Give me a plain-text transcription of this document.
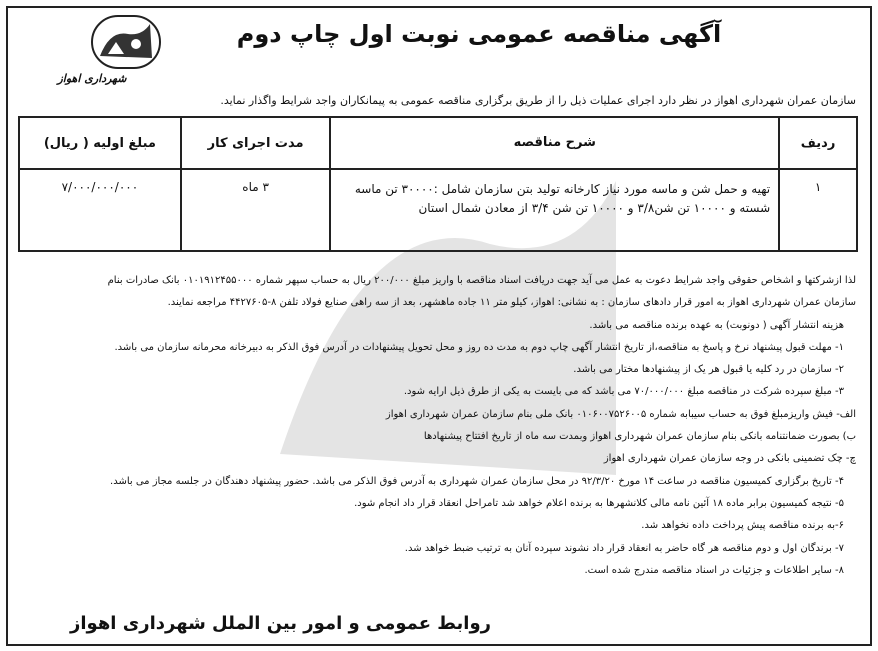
آگهی مناقصه عمومی نوبت اول چاپ دوم
شهرداری اهواز
سازمان عمران شهرداری اهواز در نظر دارد اجرای عملیات ذیل را از طریق برگزاری مناقصه عمومی به پیمانکاران واجد شرایط واگذار نماید.
ردیف	شرح مناقصه	مدت اجرای کار	مبلغ اولیه ( ریال)
۱	تهیه و حمل شن و ماسه مورد نیاز کارخانه تولید بتن سازمان شامل :۳۰۰۰۰ تن ماسه شسته و ۱۰۰۰۰ تن شن۳/۸ و ۱۰۰۰۰ تن شن ۳/۴ از معادن شمال استان	۳ ماه	۷/۰۰۰/۰۰۰/۰۰۰
لذا ازشرکتها و اشخاص حقوقی واجد شرایط دعوت به عمل می آید جهت دریافت اسناد مناقصه با واریز مبلغ ۲۰۰/۰۰۰ ریال به حساب سپهر شماره ۰۱۰۱۹۱۲۴۵۵۰۰۰ بانک صادرات بنام
سازمان عمران شهرداری اهواز به امور قرار دادهای سازمان : به نشانی: اهواز، کیلو متر ۱۱ جاده ماهشهر، بعد از سه راهی صنایع فولاد تلفن ۸-۴۴۲۷۶۰۵ مراجعه نمایند.
هزینه انتشار آگهی ( دونوبت) به عهده برنده مناقصه می باشد.
۱- مهلت قبول پیشنهاد نرخ و پاسخ به مناقصه،از تاریخ انتشار آگهی چاپ دوم به مدت ده روز و محل تحویل پیشنهادات در آدرس فوق الذکر به دبیرخانه محرمانه سازمان می باشد.
۲- سازمان در رد کلیه یا قبول هر یک از پیشنهادها مختار می باشد.
۳- مبلغ سپرده شرکت در مناقصه مبلغ ۷۰/۰۰۰/۰۰۰ می باشد که می بایست به یکی از طرق ذیل ارایه شود.
الف- فیش واریزمبلغ فوق به حساب سیبابه شماره ۰۱۰۶۰۰۷۵۲۶۰۰۵ بانک ملی بنام سازمان عمران شهرداری اهواز
ب) بصورت ضمانتنامه بانکی بنام سازمان عمران شهرداری اهواز وبمدت سه ماه از تاریخ افتتاح پیشنهادها
چ- چک تضمینی بانکی در وجه سازمان عمران شهرداری اهواز
۴- تاریخ برگزاری کمیسیون مناقصه در ساعت ۱۴ مورخ ۹۲/۳/۲۰ در محل سازمان عمران شهرداری به آدرس فوق الذکر می باشد. حضور پیشنهاد دهندگان در جلسه مجاز می باشد.
۵- نتیجه کمیسیون برابر ماده ۱۸ آئین نامه مالی کلانشهرها به برنده اعلام خواهد شد تامراحل انعقاد قرار داد انجام شود.
۶-به برنده مناقصه پیش پرداخت داده نخواهد شد.
۷- برندگان اول و دوم مناقصه هر گاه حاضر به انعقاد قرار داد نشوند سپرده آنان به ترتیب ضبط خواهد شد.
۸- سایر اطلاعات و جزئیات در اسناد مناقصه مندرج شده است.
روابط عمومی و امور بین الملل شهرداری اهواز
